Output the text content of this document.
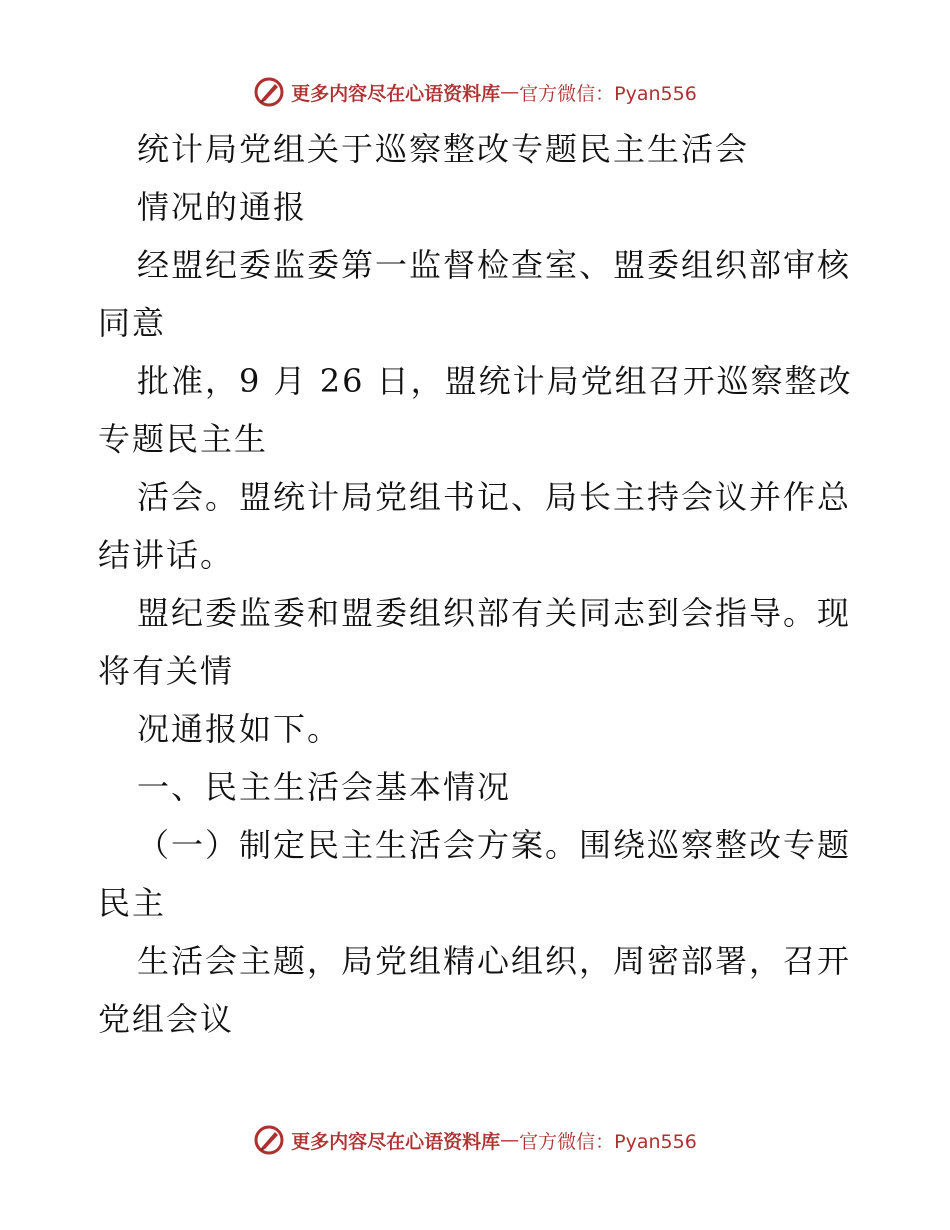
更多内容尽在心语资料库 — 官方微信：Pyan556
统计局党组关于巡察整改专题民主生活会
情况的通报
经盟纪委监委第一监督检查室、盟委组织部审核
同意
批准，9 月 26 日，盟统计局党组召开巡察整改
专题民主生
活会。盟统计局党组书记、局长主持会议并作总
结讲话。
盟纪委监委和盟委组织部有关同志到会指导。现
将有关情
况通报如下。
一、民主生活会基本情况
（一）制定民主生活会方案。围绕巡察整改专题
民主
生活会主题，局党组精心组织，周密部署，召开
党组会议
更多内容尽在心语资料库 — 官方微信：Pyan556
